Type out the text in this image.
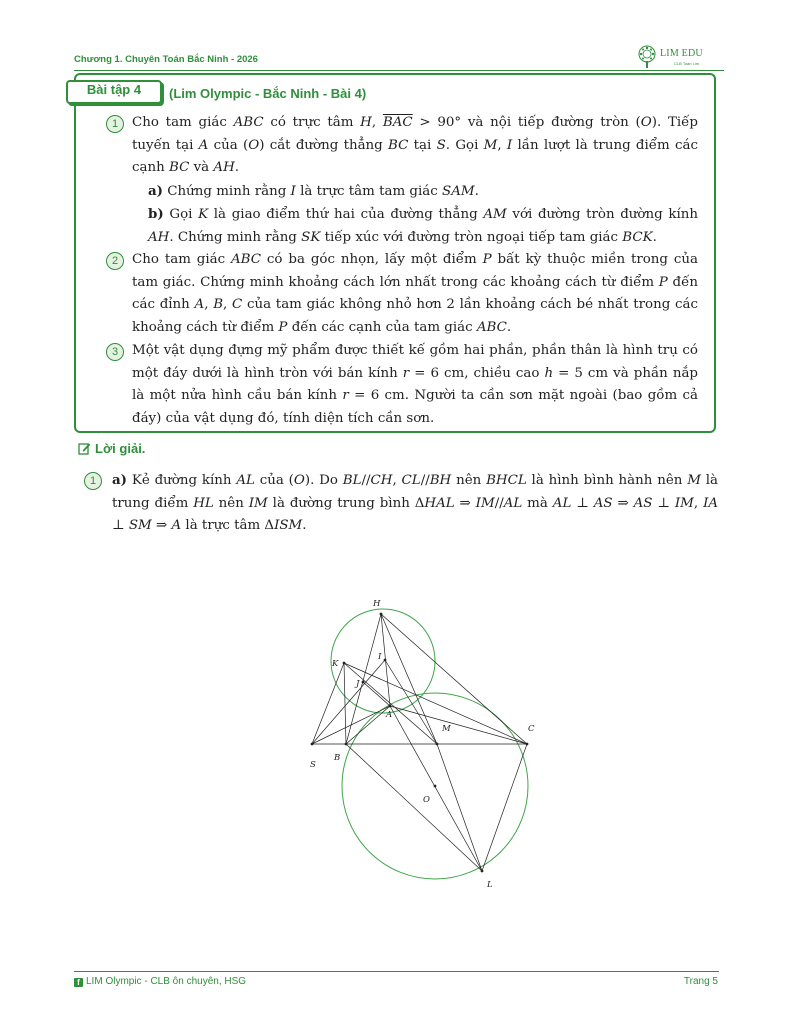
Chương 1. Chuyên Toán Bắc Ninh - 2026
LIM EDU
CLB Toán Lim
Bài tập 4	(Lim Olympic - Bắc Ninh - Bài 4)
1	Cho tam giác ABC có trực tâm H, $\overline{BAC} > 90^\circ$ và nội tiếp đường tròn (O). Tiếp tuyến tại A của (O) cắt đường thẳng BC tại S. Gọi M, I lần lượt là trung điểm các cạnh BC và AH.
a) Chứng minh rằng I là trực tâm tam giác SAM.
b) Gọi K là giao điểm thứ hai của đường thẳng AM với đường tròn đường kính AH. Chứng minh rằng SK tiếp xúc với đường tròn ngoại tiếp tam giác BCK.
2	Cho tam giác ABC có ba góc nhọn, lấy một điểm P bất kỳ thuộc miền trong của tam giác. Chứng minh khoảng cách lớn nhất trong các khoảng cách từ điểm P đến các đỉnh A, B, C của tam giác không nhỏ hơn 2 lần khoảng cách bé nhất trong các khoảng cách từ điểm P đến các cạnh của tam giác ABC.
3	Một vật dụng đựng mỹ phẩm được thiết kế gồm hai phần, phần thân là hình trụ có một đáy dưới là hình tròn với bán kính r = 6 cm, chiều cao h = 5 cm và phần nắp là một nửa hình cầu bán kính r = 6 cm. Người ta cần sơn mặt ngoài (bao gồm cả đáy) của vật dụng đó, tính diện tích cần sơn.
Lời giải.
1	a) Kẻ đường kính AL của (O). Do BL//CH, CL//BH nên BHCL là hình bình hành nên M là trung điểm HL nên IM là đường trung bình ΔHAL ⇒ IM//AL mà AL ⊥ AS ⇒ AS ⊥ IM, IA ⊥ SM ⇒ A là trực tâm ΔISM.
H
K
I
J
A
M	C
S
B
O
L
f LIM Olympic - CLB ôn chuyên, HSG	Trang 5
